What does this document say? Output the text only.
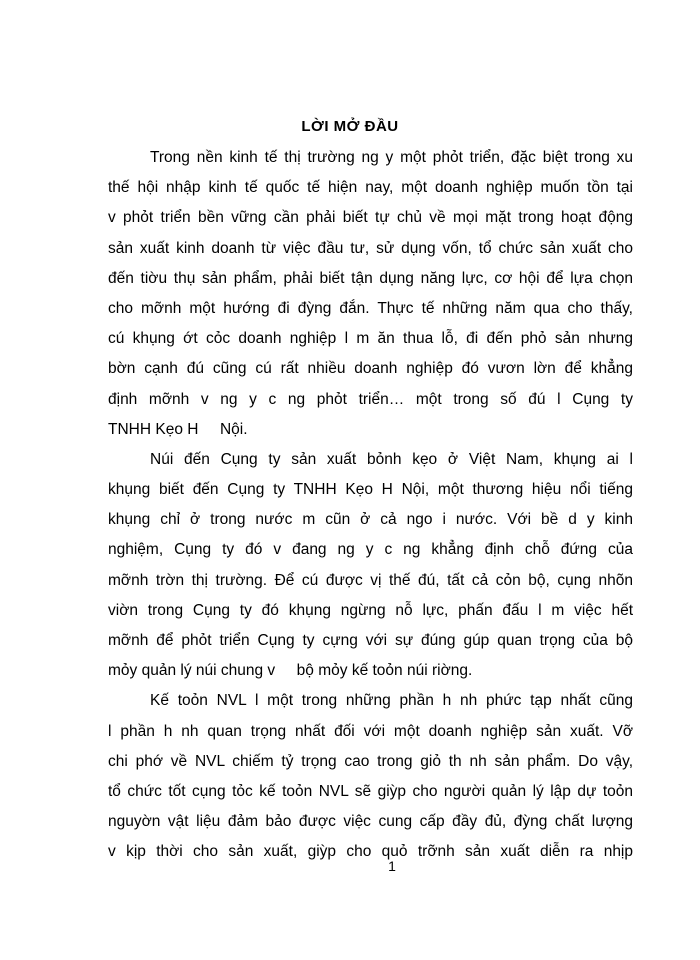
LỜI MỞ ĐẦU
Trong nền kinh tế thị trường ng y một phỏt triển, đặc biệt trong xu
thế hội nhập kinh tế quốc tế hiện nay, một doanh nghiệp muốn tồn tại
v phỏt triển bền vững cần phải biết tự chủ về mọi mặt trong hoạt động
sản xuất kinh doanh từ việc đầu tư, sử dụng vốn, tổ chức sản xuất cho
đến tiờu thụ sản phẩm, phải biết tận dụng năng lực, cơ hội để lựa chọn
cho mỡnh một hướng đi đỳng đắn. Thực tế những năm qua cho thấy,
cú khụng ớt cỏc doanh nghiệp l m ăn thua lỗ, đi đến phỏ sản nhưng
bờn cạnh đú cũng cú rất nhiều doanh nghiệp đó vươn lờn để khẳng
định mỡnh v ng y c ng phỏt triển… một trong số đú l Cụng ty
TNHH Kẹo H     Nội.
Núi đến Cụng ty sản xuất bỏnh kẹo ở Việt Nam, khụng ai l
khụng biết đến Cụng ty TNHH Kẹo H Nội, một thương hiệu nổi tiếng
khụng chỉ ở trong nước m cũn ở cả ngo i nước. Với bề d y kinh
nghiệm, Cụng ty đó v đang ng y c ng khẳng định chỗ đứng của
mỡnh trờn thị trường. Để cú được vị thế đú, tất cả cỏn bộ, cụng nhõn
viờn trong Cụng ty đó khụng ngừng nỗ lực, phấn đấu l m việc hết
mỡnh để phỏt triển Cụng ty cựng với sự đúng gúp quan trọng của bộ
mỏy quản lý núi chung v     bộ mỏy kế toỏn núi riờng.
Kế toỏn NVL l một trong những phần h nh phức tạp nhất cũng
l phần h nh quan trọng nhất đối với một doanh nghiệp sản xuất. Vỡ
chi phớ về NVL chiếm tỷ trọng cao trong giỏ th nh sản phẩm. Do vậy,
tổ chức tốt cụng tỏc kế toỏn NVL sẽ giỳp cho người quản lý lập dự toỏn
nguyờn vật liệu đảm bảo được việc cung cấp đầy đủ, đỳng chất lượng
v kịp thời cho sản xuất, giỳp cho quỏ trỡnh sản xuất diễn ra nhịp
1
